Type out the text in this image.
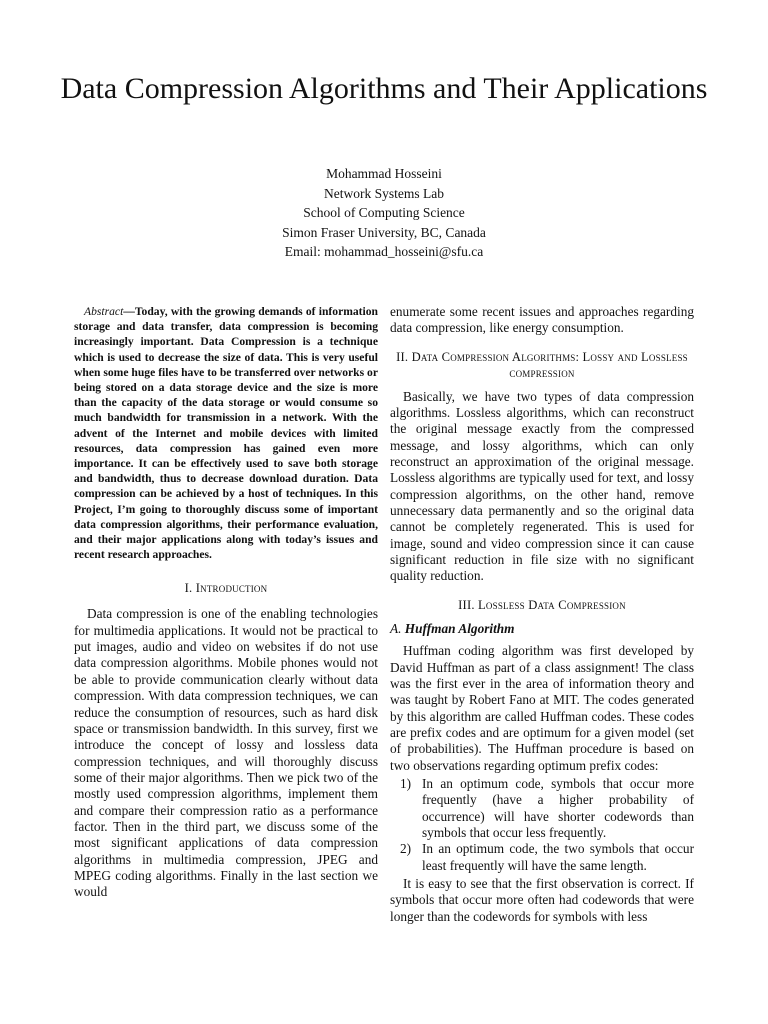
Data Compression Algorithms and Their Applications
Mohammad Hosseini
Network Systems Lab
School of Computing Science
Simon Fraser University, BC, Canada
Email: mohammad_hosseini@sfu.ca

Abstract—Today, with the growing demands of information storage and data transfer, data compression is becoming increasingly important. Data Compression is a technique which is used to decrease the size of data. This is very useful when some huge files have to be transferred over networks or being stored on a data storage device and the size is more than the capacity of the data storage or would consume so much bandwidth for transmission in a network. With the advent of the Internet and mobile devices with limited resources, data compression has gained even more importance. It can be effectively used to save both storage and bandwidth, thus to decrease download duration. Data compression can be achieved by a host of techniques. In this Project, I’m going to thoroughly discuss some of important data compression algorithms, their performance evaluation, and their major applications along with today’s issues and recent research approaches.

I. Introduction

Data compression is one of the enabling technologies for multimedia applications. It would not be practical to put images, audio and video on websites if do not use data compression algorithms. Mobile phones would not be able to provide communication clearly without data compression. With data compression techniques, we can reduce the consumption of resources, such as hard disk space or transmission bandwidth. In this survey, first we introduce the concept of lossy and lossless data compression techniques, and will thoroughly discuss some of their major algorithms. Then we pick two of the mostly used compression algorithms, implement them and compare their compression ratio as a performance factor. Then in the third part, we discuss some of the most significant applications of data compression algorithms in multimedia compression, JPEG and MPEG coding algorithms. Finally in the last section we would

enumerate some recent issues and approaches regarding data compression, like energy consumption.

II. Data Compression Algorithms: Lossy and Lossless compression

Basically, we have two types of data compression algorithms. Lossless algorithms, which can reconstruct the original message exactly from the compressed message, and lossy algorithms, which can only reconstruct an approximation of the original message. Lossless algorithms are typically used for text, and lossy compression algorithms, on the other hand, remove unnecessary data permanently and so the original data cannot be completely regenerated. This is used for image, sound and video compression since it can cause significant reduction in file size with no significant quality reduction.

III. Lossless Data Compression
A. Huffman Algorithm

Huffman coding algorithm was first developed by David Huffman as part of a class assignment! The class was the first ever in the area of information theory and was taught by Robert Fano at MIT. The codes generated by this algorithm are called Huffman codes. These codes are prefix codes and are optimum for a given model (set of probabilities). The Huffman procedure is based on two observations regarding optimum prefix codes:

1) In an optimum code, symbols that occur more frequently (have a higher probability of occurrence) will have shorter codewords than symbols that occur less frequently.
2) In an optimum code, the two symbols that occur least frequently will have the same length.

It is easy to see that the first observation is correct. If symbols that occur more often had codewords that were longer than the codewords for symbols with less
